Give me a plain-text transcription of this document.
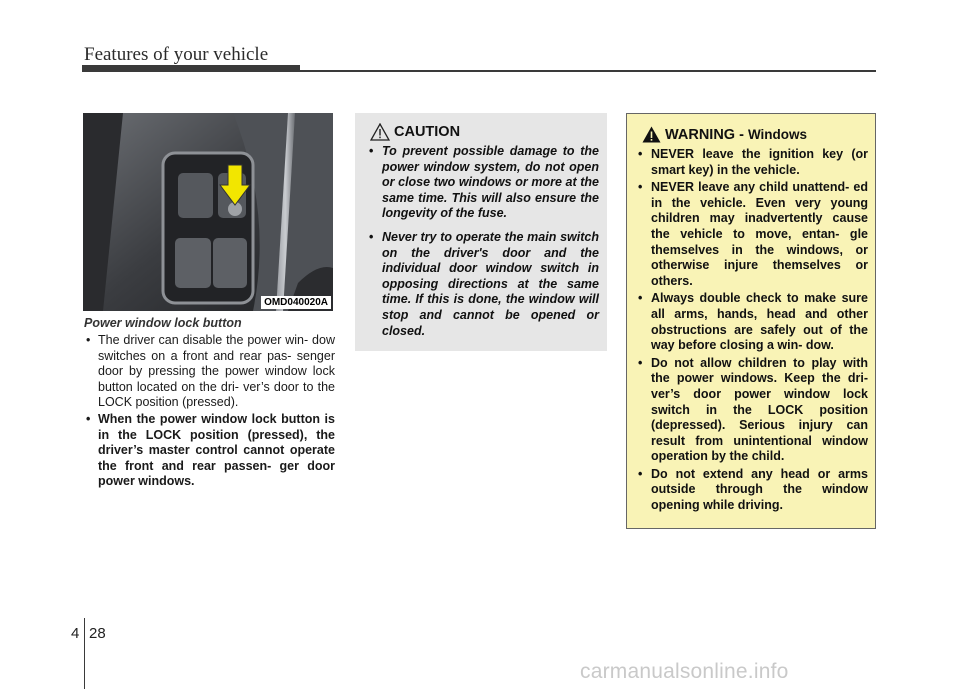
Features of your vehicle
OMD040020A
Power window lock button
• The driver can disable the power win- dow switches on a front and rear pas- senger door by pressing the power window lock button located on the dri- ver’s door to the LOCK position (pressed).
• When the power window lock button is in the LOCK position (pressed), the driver’s master control cannot operate the front and rear passen- ger door power windows.
CAUTION
• To prevent possible damage to the power window system, do not open or close two windows or more at the same time. This will also ensure the longevity of the fuse.
• Never try to operate the main switch on the driver's door and the individual door window switch in opposing directions at the same time. If this is done, the window will stop and cannot be opened or closed.
WARNING - Windows
• NEVER leave the ignition key (or smart key) in the vehicle.
• NEVER leave any child unattend- ed in the vehicle. Even very young children may inadvertently cause the vehicle to move, entan- gle themselves in the windows, or otherwise injure themselves or others.
• Always double check to make sure all arms, hands, head and other obstructions are safely out of the way before closing a win- dow.
• Do not allow children to play with the power windows. Keep the dri- ver’s door power window lock switch in the LOCK position (depressed). Serious injury can result from unintentional window operation by the child.
• Do not extend any head or arms outside through the window opening while driving.
4 28
carmanualsonline.info
